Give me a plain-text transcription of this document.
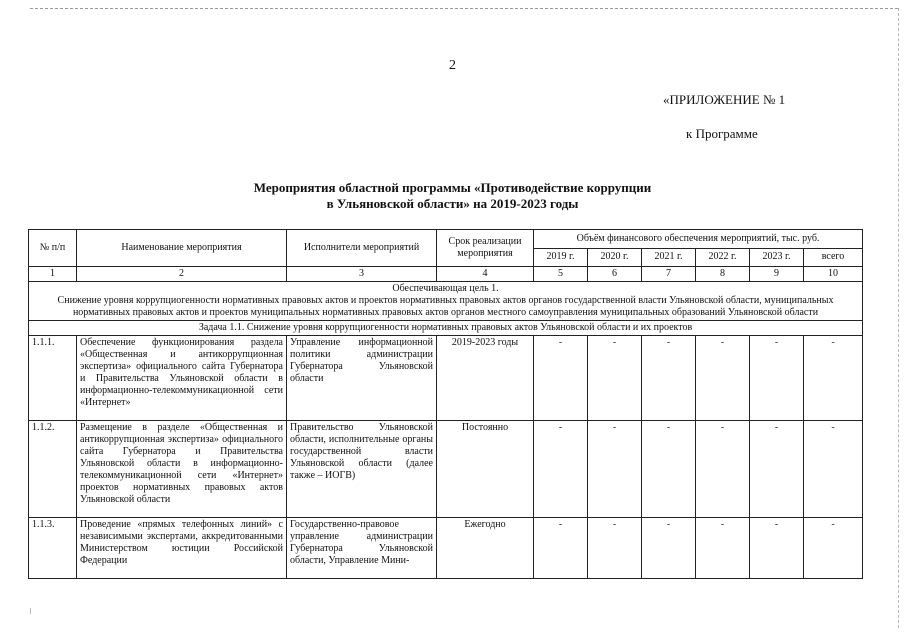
2
«ПРИЛОЖЕНИЕ № 1
к Программе
Мероприятия областной программы «Противодействие коррупции
в Ульяновской области» на 2019-2023 годы
№ п/п	Наименование мероприятия	Исполнители мероприятий	Срок реализации мероприятия	Объём финансового обеспечения мероприятий, тыс. руб.					
				2019 г.	2020 г.	2021 г.	2022 г.	2023 г.	всего
1	2	3	4	5	6	7	8	9	10

Обеспечивающая цель 1.
Снижение уровня коррупциогенности нормативных правовых актов и проектов нормативных правовых актов органов государственной власти Ульяновской области, муниципальных нормативных правовых актов и проектов муниципальных нормативных правовых актов органов местного самоуправления муниципальных образований Ульяновской области									

Задача 1.1. Снижение уровня коррупциогенности нормативных правовых актов Ульяновской области и их проектов									
1.1.1.	Обеспечение функционирования раздела «Общественная и антикоррупционная экспертиза» официального сайта Губернатора и Правительства Ульяновской области в информационно-телекоммуникационной сети «Интернет»	Управление информационной политики администрации Губернатора Ульяновской области	2019-2023 годы	-	-	-	-	-	-
1.1.2.	Размещение в разделе «Общественная и антикоррупционная экспертиза» официального сайта Губернатора и Правительства Ульяновской области в информационно-телекоммуникационной сети «Интернет» проектов нормативных правовых актов Ульяновской области	Правительство Ульяновской области, исполнительные органы государственной власти Ульяновской области (далее также – ИОГВ)	Постоянно	-	-	-	-	-	-
1.1.3.	Проведение «прямых телефонных линий» с независимыми экспертами, аккредитованными Министерством юстиции Российской Федерации	Государственно-правовое управление администрации Губернатора Ульяновской области, Управление Мини-	Ежегодно	-	-	-	-	-	-
